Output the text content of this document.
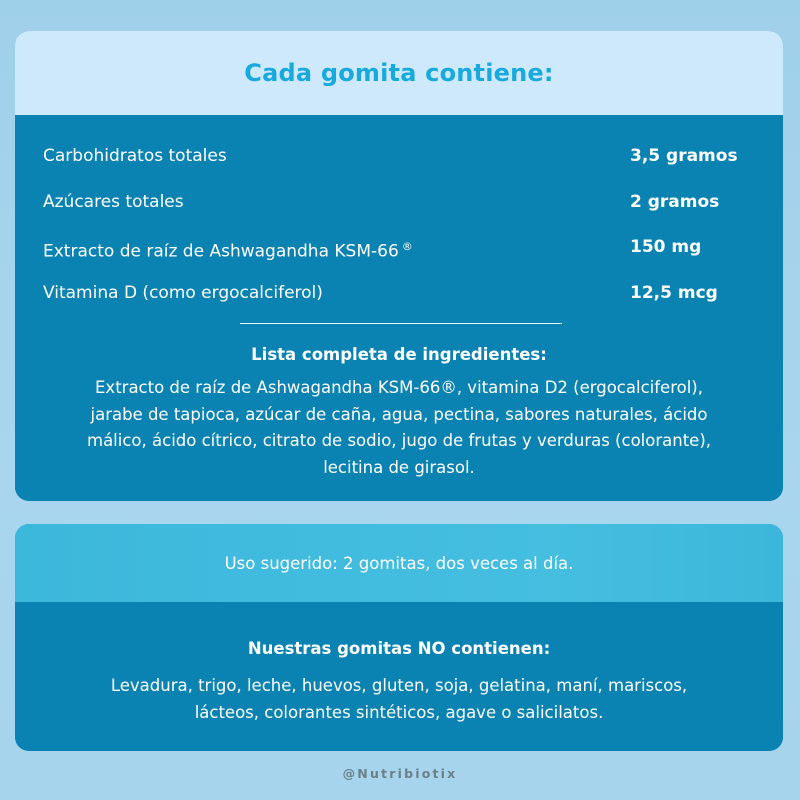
Cada gomita contiene:
Carbohidratos totales	3,5 gramos
Azúcares totales	2 gramos
Extracto de raíz de Ashwagandha KSM-66 ®	150 mg
Vitamina D (como ergocalciferol)	12,5 mcg
Lista completa de ingredientes:
Extracto de raíz de Ashwagandha KSM-66®, vitamina D2 (ergocalciferol),
jarabe de tapioca, azúcar de caña, agua, pectina, sabores naturales, ácido
málico, ácido cítrico, citrato de sodio, jugo de frutas y verduras (colorante),
lecitina de girasol.
Uso sugerido: 2 gomitas, dos veces al día.
Nuestras gomitas NO contienen:
Levadura, trigo, leche, huevos, gluten, soja, gelatina, maní, mariscos,
lácteos, colorantes sintéticos, agave o salicilatos.
@Nutribiotix
